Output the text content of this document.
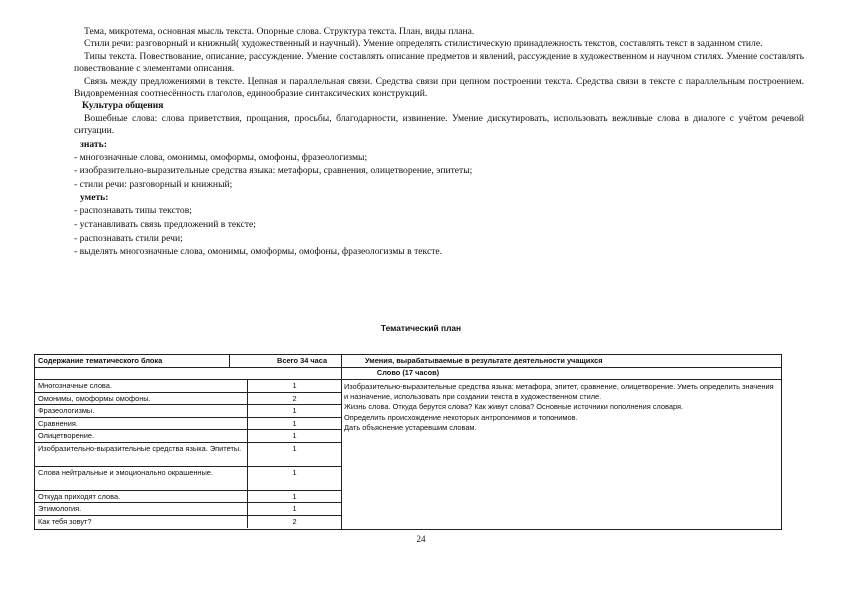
Тема, микротема, основная мысль текста. Опорные слова. Структура текста. План, виды плана.

Стили речи: разговорный и книжный( художественный и научный). Умение определять стилистическую принадлежность текстов, составлять текст в заданном стиле.

Типы текста. Повествование, описание, рассуждение. Умение составлять описание предметов и явлений, рассуждение в художественном и научном стилях. Умение составлять повествование с элементами описания.

Связь между предложениями в тексте. Цепная и параллельная связи. Средства связи при цепном построении текста. Средства связи в тексте с параллельным построением. Видовременная соотнесённость глаголов, единообразие синтаксических конструкций.

Культура общения

Вошебные слова: слова приветствия, прощания, просьбы, благодарности, извинение. Умение дискутировать, использовать вежливые слова в диалоге с учётом речевой ситуации.

знать:
- многозначные слова, омонимы, омоформы, омофоны, фразеологизмы;
- изобразительно-выразительные средства языка: метафоры, сравнения, олицетворение, эпитеты;
- стили речи: разговорный и книжный;
уметь:
- распознавать типы текстов;
- устанавливать связь предложений в тексте;
- распознавать стили речи;
- выделять многозначные слова, омонимы, омоформы, омофоны, фразеологизмы в тексте.
Тематический план
Содержание тематического блока	Всего 34 часа	Умения, вырабатываемые в результате деятельности учащихся
Слово (17 часов)
Многозначные слова.	1
Омонимы, омоформы омофоны.	2
Фразеологизмы.	1
Сравнения.	1
Олицетворение.	1
Изобразительно-выразительные средства языка. Эпитеты.	1
Слова нейтральные и эмоционально окрашенные.	1
Откуда приходят слова.	1
Этимология.	1
Как тебя зовут?	2
Изобразительно-выразительные средства языка: метафора, эпитет, сравнение, олицетворение. Уметь определить значения и назначение, использовать при создании текста в художественном стиле.
Жизнь слова. Откуда берутся слова? Как живут слова? Основные источники пополнения словаря.
Определить происхождение некоторых антропонимов и топонимов.
Дать объяснение устаревшим словам.
24
